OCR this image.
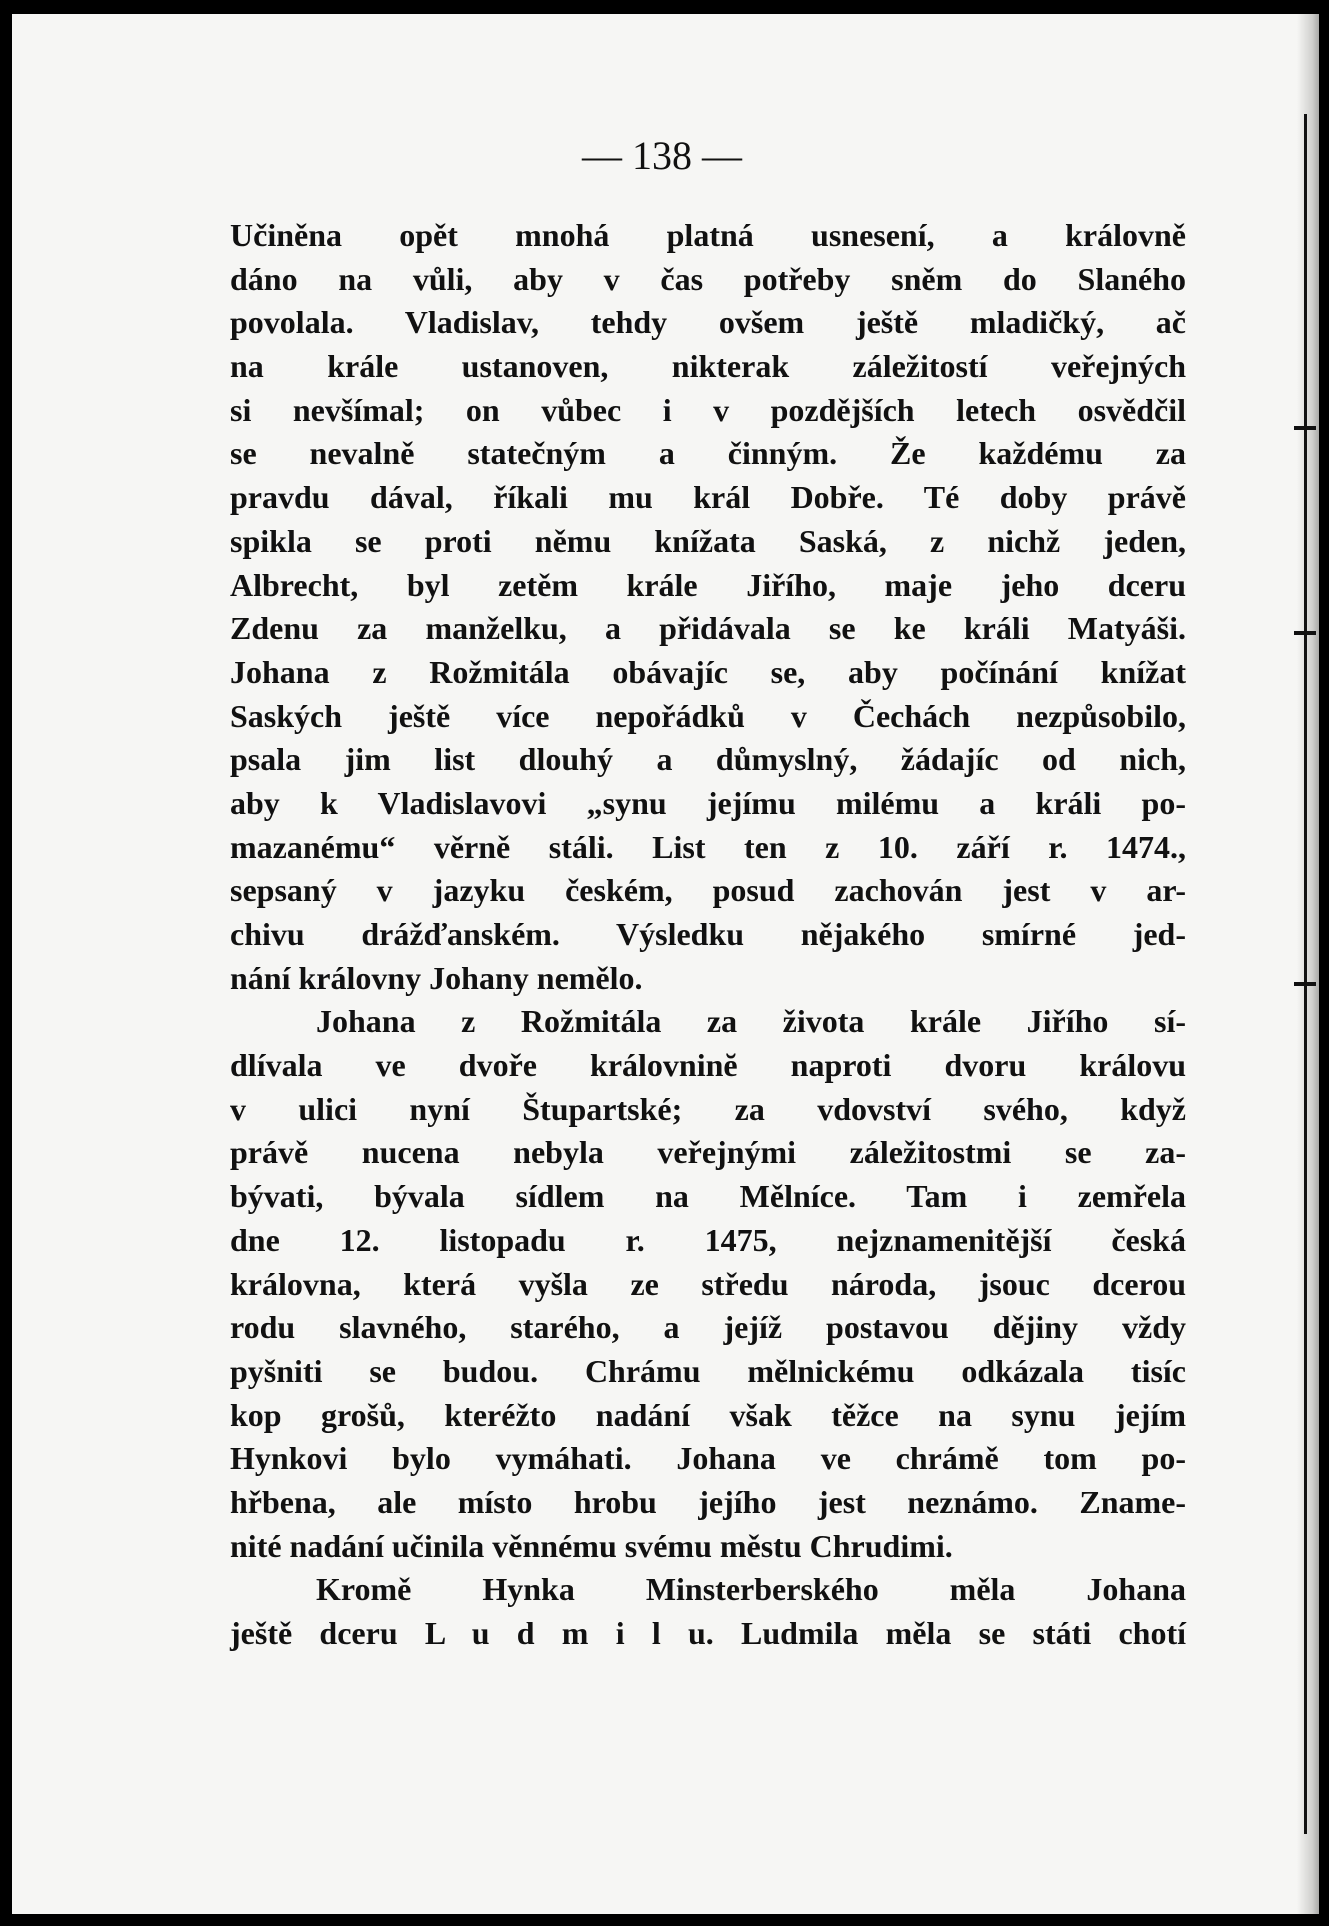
— 138 —
Učiněna opět mnohá platná usnesení, a královně
dáno na vůli, aby v čas potřeby sněm do Slaného
povolala. Vladislav, tehdy ovšem ještě mladičký, ač
na krále ustanoven, nikterak záležitostí veřejných
si nevšímal; on vůbec i v pozdějších letech osvědčil
se nevalně statečným a činným. Že každému za
pravdu dával, říkali mu král Dobře. Té doby právě
spikla se proti němu knížata Saská, z nichž jeden,
Albrecht, byl zetěm krále Jiřího, maje jeho dceru
Zdenu za manželku, a přidávala se ke králi Matyáši.
Johana z Rožmitála obávajíc se, aby počínání knížat
Saských ještě více nepořádků v Čechách nezpůsobilo,
psala jim list dlouhý a důmyslný, žádajíc od nich,
aby k Vladislavovi „synu jejímu milému a králi po-
mazanému“ věrně stáli. List ten z 10. září r. 1474.,
sepsaný v jazyku českém, posud zachován jest v ar-
chivu drážďanském. Výsledku nějakého smírné jed-
nání královny Johany nemělo.
Johana z Rožmitála za života krále Jiřího sí-
dlívala ve dvoře královninĕ naproti dvoru královu
v ulici nyní Štupartské; za vdovství svého, když
právě nucena nebyla veřejnými záležitostmi se za-
bývati, bývala sídlem na Mělníce. Tam i zemřela
dne 12. listopadu r. 1475, nejznamenitější česká
královna, která vyšla ze středu národa, jsouc dcerou
rodu slavného, starého, a jejíž postavou dějiny vždy
pyšniti se budou. Chrámu mělnickému odkázala tisíc
kop grošů, kteréžto nadání však těžce na synu jejím
Hynkovi bylo vymáhati. Johana ve chrámě tom po-
hřbena, ale místo hrobu jejího jest neznámo. Zname-
nité nadání učinila věnnému svému městu Chrudimi.
Kromě Hynka Minsterberského měla Johana
ještě dceru L u d m i l u. Ludmila měla se státi chotí
